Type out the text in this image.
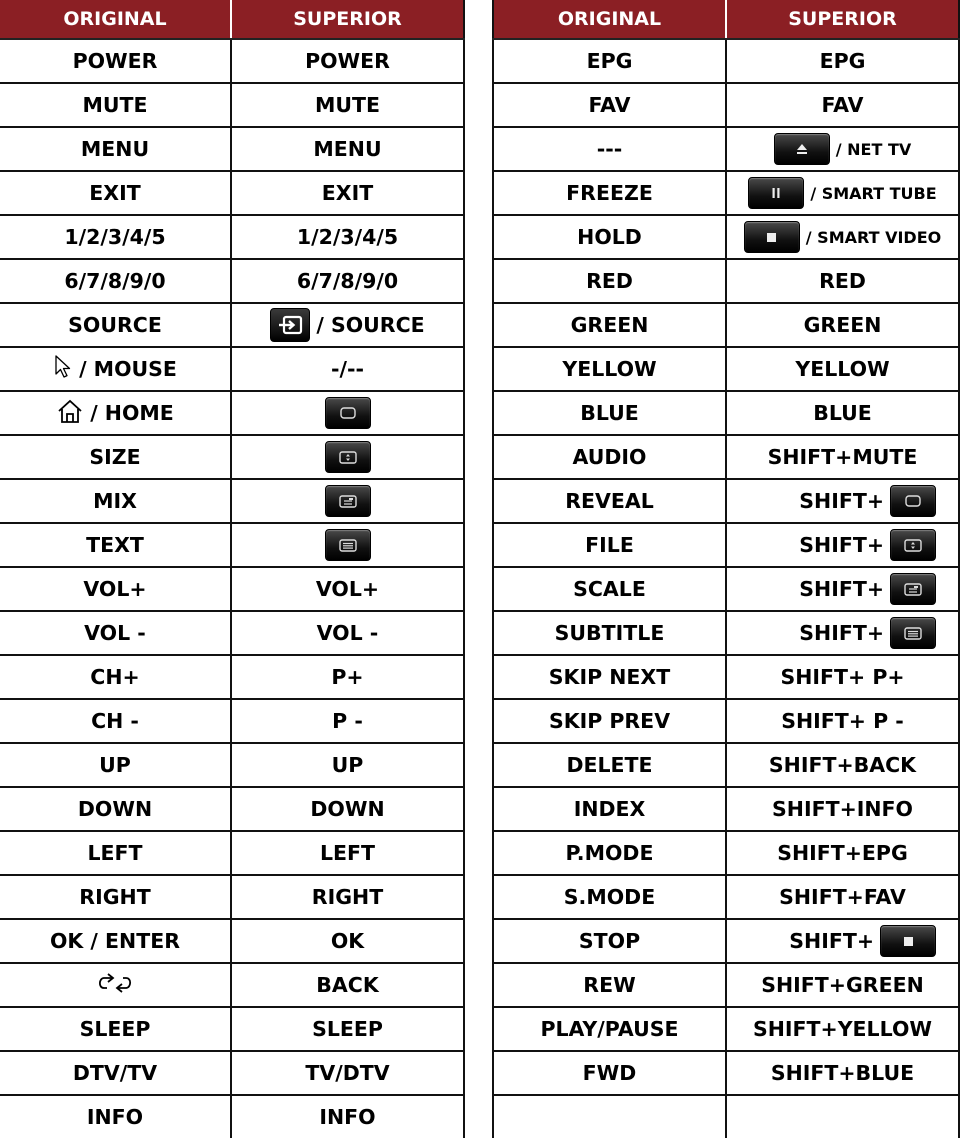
ORIGINAL	SUPERIOR
POWER	POWER
MUTE	MUTE
MENU	MENU
EXIT	EXIT
1/2/3/4/5	1/2/3/4/5
6/7/8/9/0	6/7/8/9/0
SOURCE	/ SOURCE

/ MOUSE	-/--

/ HOME

SIZE	

MIX	

TEXT	

VOL+	VOL+
VOL -	VOL -
CH+	P+
CH -	P -
UP	UP
DOWN	DOWN
LEFT	LEFT
RIGHT	RIGHT
OK / ENTER	OK

	BACK
SLEEP	SLEEP
DTV/TV	TV/DTV
INFO	INFO
ORIGINAL	SUPERIOR
EPG	EPG
FAV	FAV
---	/ NET TV

FREEZE	/ SMART TUBE

HOLD	/ SMART VIDEO

RED	RED
GREEN	GREEN
YELLOW	YELLOW
BLUE	BLUE
AUDIO	SHIFT+MUTE
REVEAL	SHIFT+

FILE	SHIFT+

SCALE	SHIFT+

SUBTITLE	SHIFT+

SKIP NEXT	SHIFT+ P+
SKIP PREV	SHIFT+ P -
DELETE	SHIFT+BACK
INDEX	SHIFT+INFO
P.MODE	SHIFT+EPG
S.MODE	SHIFT+FAV
STOP	SHIFT+

REW	SHIFT+GREEN
PLAY/PAUSE	SHIFT+YELLOW
FWD	SHIFT+BLUE
